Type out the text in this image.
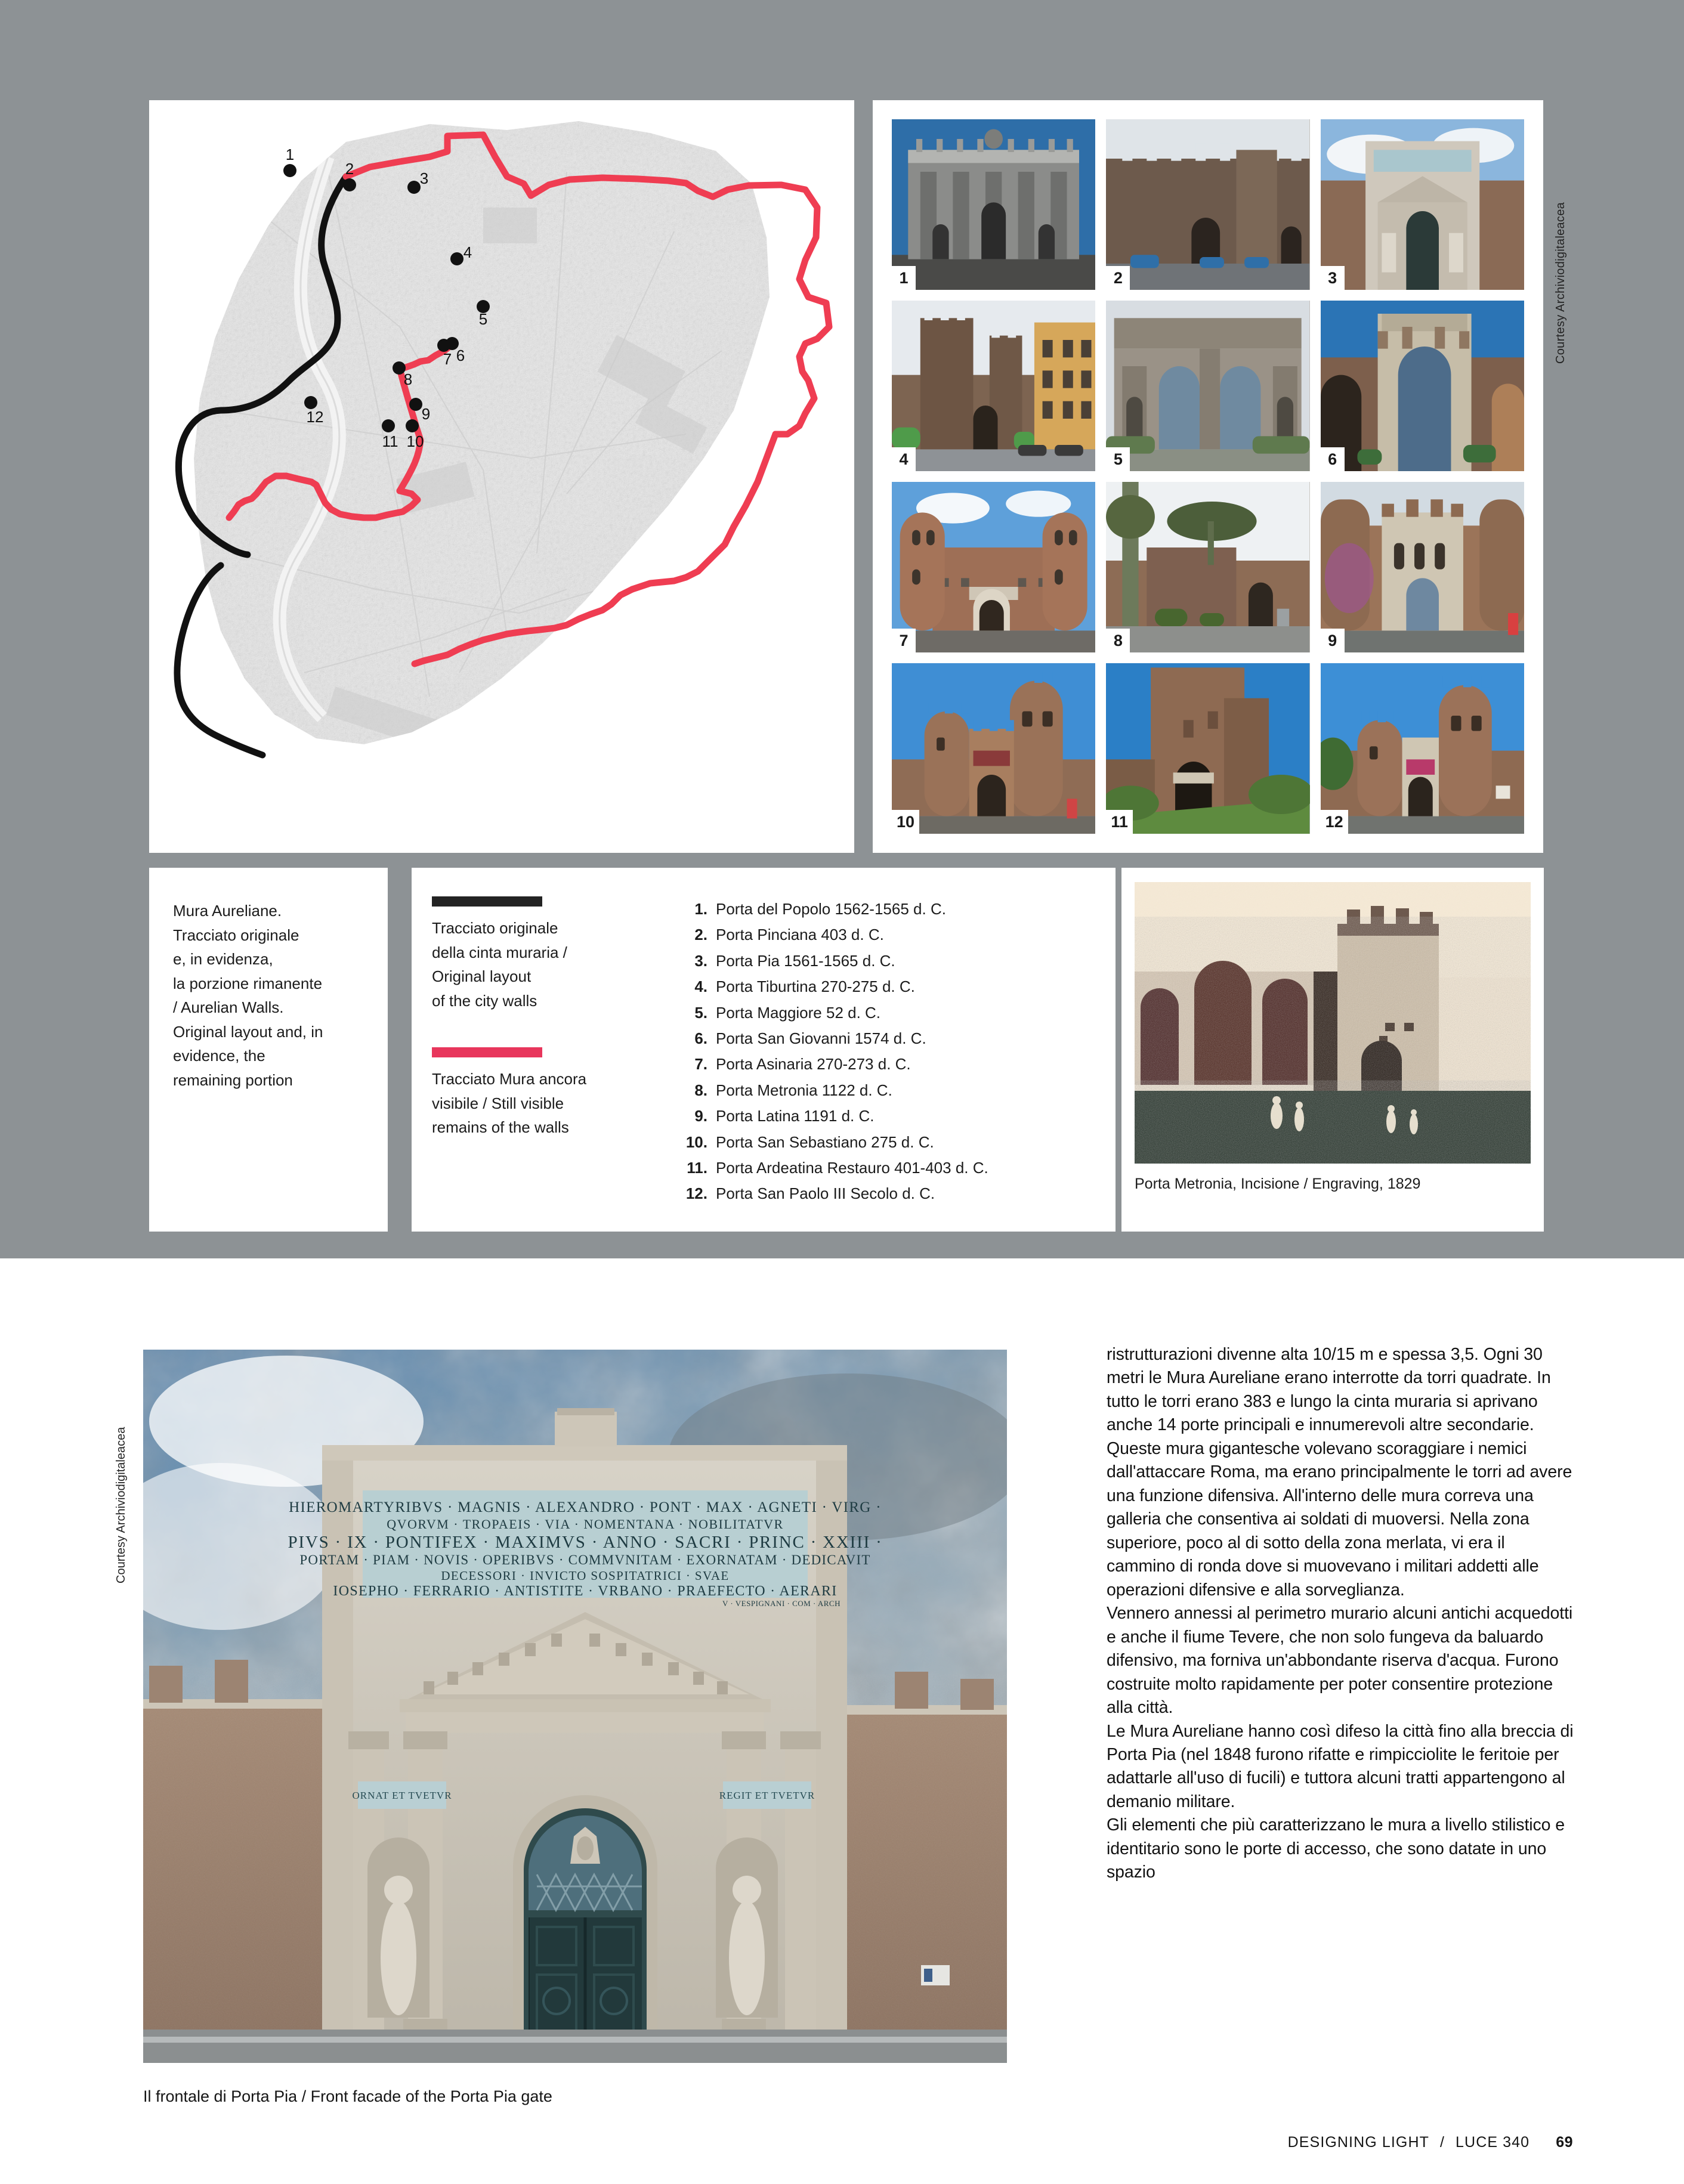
1
2
3
4
5
6
7
8
9
10
11
12
1	2	3
4	5	6
7	8	9
10	11	12
Courtesy Archiviodigitaleacea

Mura Aureliane.
Tracciato originale
e, in evidenza,
la porzione rimanente
/ Aurelian Walls.
Original layout and, in
evidence, the
remaining portion

Tracciato originale
della cinta muraria /
Original layout
of the city walls
Tracciato Mura ancora
visibile / Still visible
remains of the walls
1. Porta del Popolo 1562-1565 d. C.
2. Porta Pinciana 403 d. C.
3. Porta Pia 1561-1565 d. C.
4. Porta Tiburtina 270-275 d. C.
5. Porta Maggiore 52 d. C.
6. Porta San Giovanni 1574 d. C.
7. Porta Asinaria 270-273 d. C.
8. Porta Metronia 1122 d. C.
9. Porta Latina 1191 d. C.
10. Porta San Sebastiano 275 d. C.
11. Porta Ardeatina Restauro 401-403 d. C.
12. Porta San Paolo III Secolo d. C.
Porta Metronia, Incisione / Engraving, 1829
Courtesy Archiviodigitaleacea	HIEROMARTYRIBVS · MAGNIS · ALEXANDRO · PONT · MAX · AGNETI · VIRG ·
QVORVM · TROPAEIS · VIA · NOMENTANA · NOBILITATVR
PIVS · IX · PONTIFEX · MAXIMVS · ANNO · SACRI · PRINC · XXIII ·
PORTAM · PIAM · NOVIS · OPERIBVS · COMMVNITAM · EXORNATAM · DEDICAVIT
DECESSORI · INVICTO SOSPITATRICI · SVAE
IOSEPHO · FERRARIO · ANTISTITE · VRBANO · PRAEFECTO · AERARI
V · VESPIGNANI · COM · ARCH
ORNAT ET TVETVR	REGIT ET TVETVR
Il frontale di Porta Pia / Front facade of the Porta Pia gate

ristrutturazioni divenne alta 10/15 m e spessa 3,5. Ogni 30 metri le Mura Aureliane erano interrotte da torri quadrate. In tutto le torri erano 383 e lungo la cinta muraria si aprivano anche 14 porte principali e innumerevoli altre secondarie. Queste mura gigantesche volevano scoraggiare i nemici dall'attaccare Roma, ma erano principalmente le torri ad avere una funzione difensiva. All'interno delle mura correva una galleria che consentiva ai soldati di muoversi. Nella zona superiore, poco al di sotto della zona merlata, vi era il cammino di ronda dove si muovevano i militari addetti alle operazioni difensive e alla sorveglianza.

Vennero annessi al perimetro murario alcuni antichi acquedotti e anche il fiume Tevere, che non solo fungeva da baluardo difensivo, ma forniva un'abbondante riserva d'acqua. Furono costruite molto rapidamente per poter consentire protezione alla città.

Le Mura Aureliane hanno così difeso la città fino alla breccia di Porta Pia (nel 1848 furono rifatte e rimpicciolite le feritoie per adattarle all'uso di fucili) e tuttora alcuni tratti appartengono al demanio militare.

Gli elementi che più caratterizzano le mura a livello stilistico e identitario sono le porte di accesso, che sono datate in uno spazio

DESIGNING LIGHT / LUCE 340 69
